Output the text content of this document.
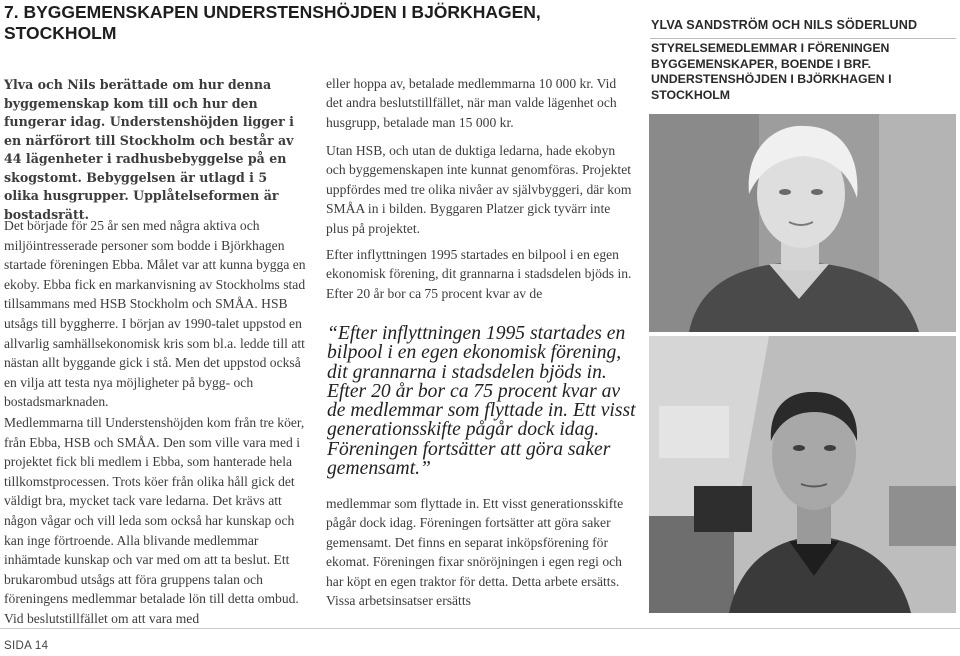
7. BYGGEMENSKAPEN UNDERSTENSHÖJDEN I BJÖRKHAGEN, STOCKHOLM
Ylva och Nils berättade om hur denna byggemenskap kom till och hur den fungerar idag. Understenshöjden ligger i en närförort till Stockholm och består av 44 lägenheter i radhusbebyggelse på en skogstomt. Bebyggelsen är utlagd i 5 olika husgrupper. Upplåtelseformen är bostadsrätt.

Det började för 25 år sen med några aktiva och miljöintresserade personer som bodde i Björkhagen startade föreningen Ebba. Målet var att kunna bygga en ekoby. Ebba fick en markanvisning av Stockholms stad tillsammans med HSB Stockholm och SMÅA. HSB utsågs till byggherre. I början av 1990-talet uppstod en allvarlig samhällsekonomisk kris som bl.a. ledde till att nästan allt byggande gick i stå. Men det uppstod också en vilja att testa nya möjligheter på bygg- och bostadsmarknaden.

Medlemmarna till Understenshöjden kom från tre köer, från Ebba, HSB och SMÅA. Den som ville vara med i projektet fick bli medlem i Ebba, som hanterade hela tillkomstprocessen. Trots köer från olika håll gick det väldigt bra, mycket tack vare ledarna. Det krävs att någon vågar och vill leda som också har kunskap och kan inge förtroende. Alla blivande medlemmar inhämtade kunskap och var med om att ta beslut. Ett brukarombud utsågs att föra gruppens talan och föreningens medlemmar betalade lön till detta ombud. Vid beslutstillfället om att vara med

eller hoppa av, betalade medlemmarna 10 000 kr. Vid det andra beslutstillfället, när man valde lägenhet och husgrupp, betalade man 15 000 kr.

Utan HSB, och utan de duktiga ledarna, hade ekobyn och byggemenskapen inte kunnat genomföras. Projektet uppfördes med tre olika nivåer av självbyggeri, där kom SMÅA in i bilden. Byggaren Platzer gick tyvärr inte plus på projektet.

Efter inflyttningen 1995 startades en bilpool i en egen ekonomisk förening, dit grannarna i stadsdelen bjöds in. Efter 20 år bor ca 75 procent kvar av de

“Efter inflyttningen 1995 startades en bilpool i en egen ekonomisk förening, dit grannarna i stadsdelen bjöds in. Efter 20 år bor ca 75 procent kvar av de medlemmar som flyttade in. Ett visst generationsskifte pågår dock idag. Föreningen fortsätter att göra saker gemensamt.”

medlemmar som flyttade in. Ett visst generationsskifte pågår dock idag. Föreningen fortsätter att göra saker gemensamt. Det finns en separat inköpsförening för ekomat. Föreningen fixar snöröjningen i egen regi och har köpt en egen traktor för detta. Detta arbete ersätts. Vissa arbetsinsatser ersätts

YLVA SANDSTRÖM OCH NILS SÖDERLUND
STYRELSEMEDLEMMAR I FÖRENINGEN BYGGEMENSKAPER, BOENDE I BRF. UNDERSTENSHÖJDEN I BJÖRKHAGEN I STOCKHOLM
SIDA 14
